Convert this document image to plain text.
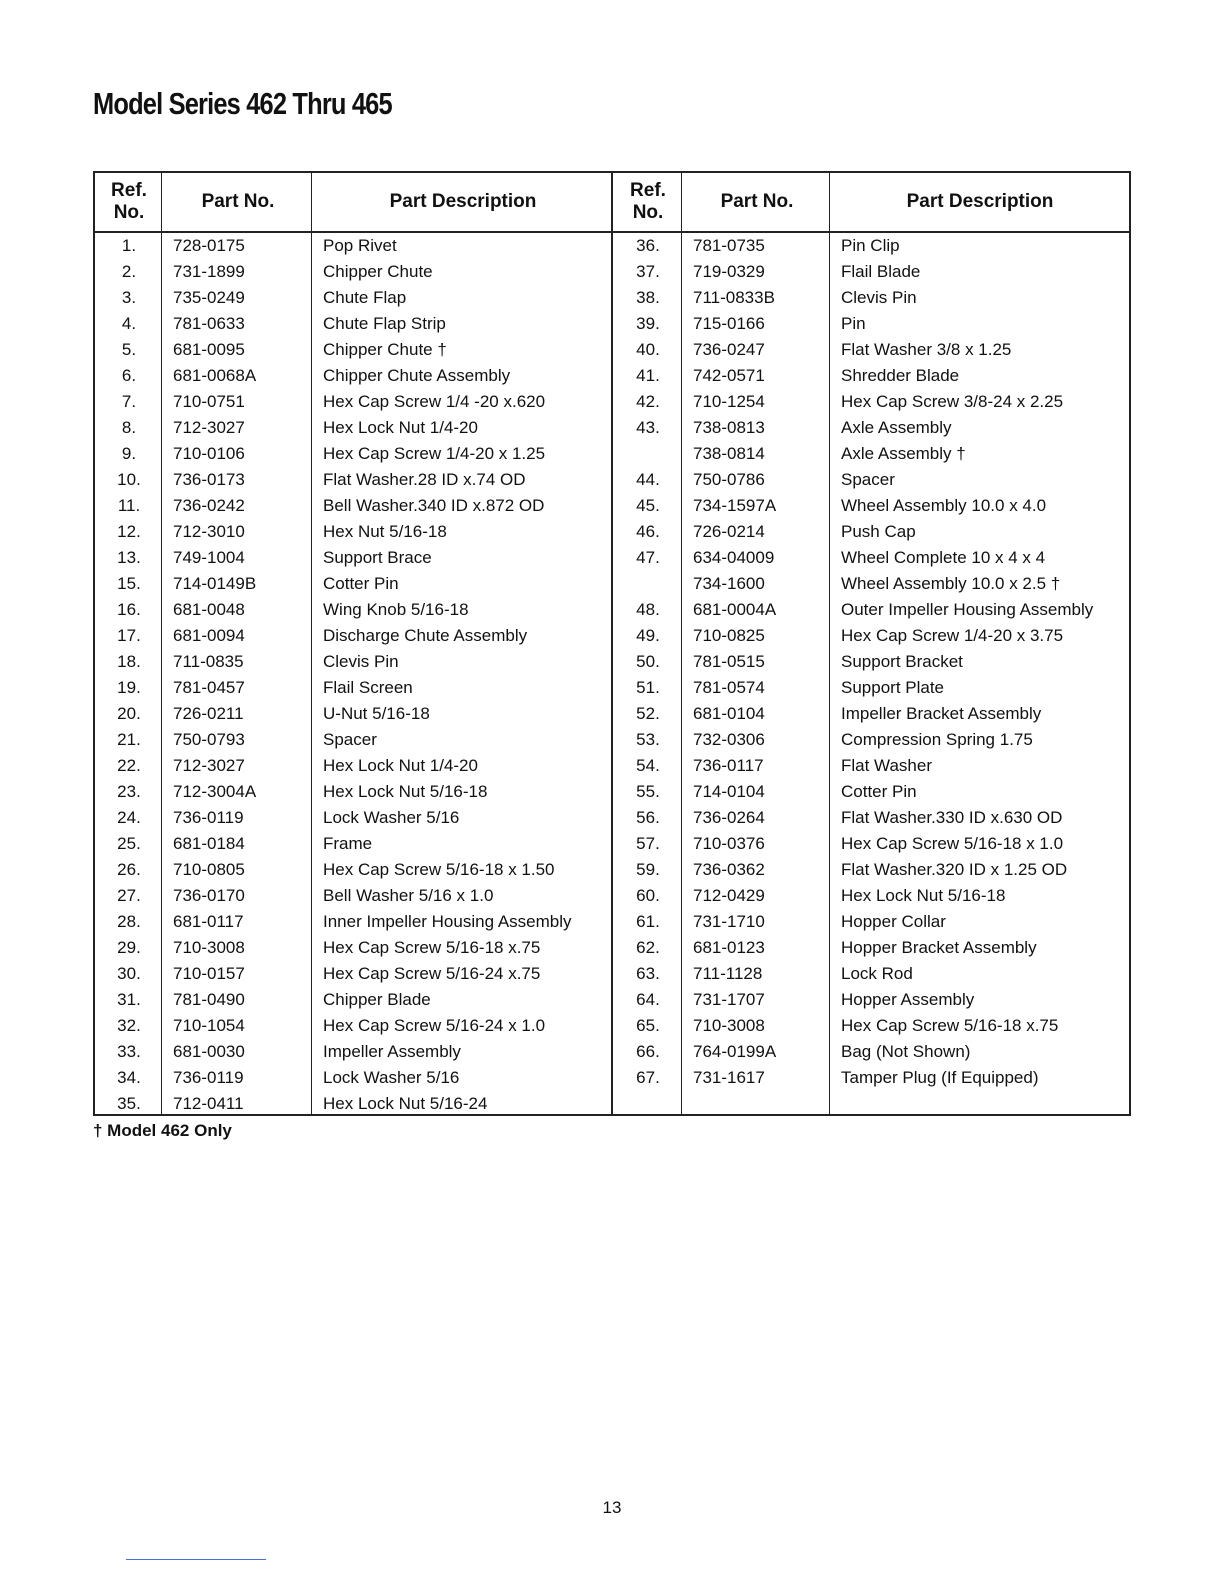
Model Series 462 Thru 465
Ref.
No.	Part No.	Part Description	Ref.
No.	Part No.	Part Description
1.	728-0175	Pop Rivet	36.	781-0735	Pin Clip
2.	731-1899	Chipper Chute	37.	719-0329	Flail Blade
3.	735-0249	Chute Flap	38.	711-0833B	Clevis Pin
4.	781-0633	Chute Flap Strip	39.	715-0166	Pin
5.	681-0095	Chipper Chute †	40.	736-0247	Flat Washer 3/8 x 1.25
6.	681-0068A	Chipper Chute Assembly	41.	742-0571	Shredder Blade
7.	710-0751	Hex Cap Screw 1/4 -20 x.620	42.	710-1254	Hex Cap Screw 3/8-24 x 2.25
8.	712-3027	Hex Lock Nut 1/4-20	43.	738-0813	Axle Assembly
9.	710-0106	Hex Cap Screw 1/4-20 x 1.25		738-0814	Axle Assembly †
10.	736-0173	Flat Washer.28 ID x.74 OD	44.	750-0786	Spacer
11.	736-0242	Bell Washer.340 ID x.872 OD	45.	734-1597A	Wheel Assembly 10.0 x 4.0
12.	712-3010	Hex Nut 5/16-18	46.	726-0214	Push Cap
13.	749-1004	Support Brace	47.	634-04009	Wheel Complete 10 x 4 x 4
15.	714-0149B	Cotter Pin		734-1600	Wheel Assembly 10.0 x 2.5 †
16.	681-0048	Wing Knob 5/16-18	48.	681-0004A	Outer Impeller Housing Assembly
17.	681-0094	Discharge Chute Assembly	49.	710-0825	Hex Cap Screw 1/4-20 x 3.75
18.	711-0835	Clevis Pin	50.	781-0515	Support Bracket
19.	781-0457	Flail Screen	51.	781-0574	Support Plate
20.	726-0211	U-Nut 5/16-18	52.	681-0104	Impeller Bracket Assembly
21.	750-0793	Spacer	53.	732-0306	Compression Spring 1.75
22.	712-3027	Hex Lock Nut 1/4-20	54.	736-0117	Flat Washer
23.	712-3004A	Hex Lock Nut 5/16-18	55.	714-0104	Cotter Pin
24.	736-0119	Lock Washer 5/16	56.	736-0264	Flat Washer.330 ID x.630 OD
25.	681-0184	Frame	57.	710-0376	Hex Cap Screw 5/16-18 x 1.0
26.	710-0805	Hex Cap Screw 5/16-18 x 1.50	59.	736-0362	Flat Washer.320 ID x 1.25 OD
27.	736-0170	Bell Washer 5/16 x 1.0	60.	712-0429	Hex Lock Nut 5/16-18
28.	681-0117	Inner Impeller Housing Assembly	61.	731-1710	Hopper Collar
29.	710-3008	Hex Cap Screw 5/16-18 x.75	62.	681-0123	Hopper Bracket Assembly
30.	710-0157	Hex Cap Screw 5/16-24 x.75	63.	711-1128	Lock Rod
31.	781-0490	Chipper Blade	64.	731-1707	Hopper Assembly
32.	710-1054	Hex Cap Screw 5/16-24 x 1.0	65.	710-3008	Hex Cap Screw 5/16-18 x.75
33.	681-0030	Impeller Assembly	66.	764-0199A	Bag (Not Shown)
34.	736-0119	Lock Washer 5/16	67.	731-1617	Tamper Plug (If Equipped)
35.	712-0411	Hex Lock Nut 5/16-24			
† Model 462 Only
13
